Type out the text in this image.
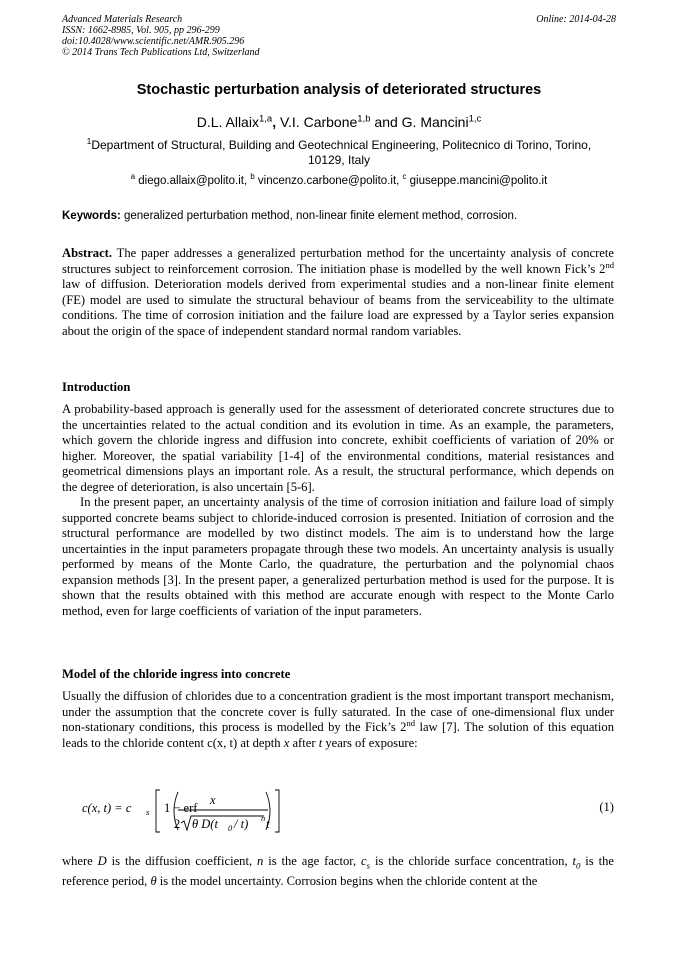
Advanced Materials Research
ISSN: 1662-8985, Vol. 905, pp 296-299
doi:10.4028/www.scientific.net/AMR.905.296
© 2014 Trans Tech Publications Ltd, Switzerland
Online: 2014-04-28
Stochastic perturbation analysis of deteriorated structures
D.L. Allaix$^{1,a}$, V.I. Carbone$^{1,b}$ and G. Mancini$^{1,c}$
$^1$Department of Structural, Building and Geotechnical Engineering, Politecnico di Torino, Torino, 10129, Italy
$^a$ diego.allaix@polito.it, $^b$ vincenzo.carbone@polito.it, $^c$ giuseppe.mancini@polito.it
Keywords: generalized perturbation method, non-linear finite element method, corrosion.
Abstract. The paper addresses a generalized perturbation method for the uncertainty analysis of concrete structures subject to reinforcement corrosion. The initiation phase is modelled by the well known Fick’s 2nd law of diffusion. Deterioration models derived from experimental studies and a non-linear finite element (FE) model are used to simulate the structural behaviour of beams from the serviceability to the ultimate conditions. The time of corrosion initiation and the failure load are expressed by a Taylor series expansion about the origin of the space of independent standard normal random variables.
Introduction

A probability-based approach is generally used for the assessment of deteriorated concrete structures due to the uncertainties related to the actual condition and its evolution in time. As an example, the parameters, which govern the chloride ingress and diffusion into concrete, exhibit coefficients of variation of 20% or higher. Moreover, the spatial variability [1-4] of the environmental conditions, material resistances and geometrical dimensions plays an important role. As a result, the structural performance, which depends on the degree of deterioration, is also uncertain [5-6].

In the present paper, an uncertainty analysis of the time of corrosion initiation and failure load of simply supported concrete beams subject to chloride-induced corrosion is presented. Initiation of corrosion and the structural performance are modelled by two distinct models. The aim is to understand how the large uncertainties in the input parameters propagate through these two models. An uncertainty analysis is usually performed by means of the Monte Carlo, the quadrature, the perturbation and the polynomial chaos expansion methods [3]. In the present paper, a generalized perturbation method is used for the purpose. It is shown that the results obtained with this method are accurate enough with respect to the Monte Carlo method, even for large coefficients of variation of the input parameters.

Model of the chloride ingress into concrete
Usually the diffusion of chlorides due to a concentration gradient is the most important transport mechanism, under the assumption that the concrete cover is fully saturated. In the case of one-dimensional flux under non-stationary conditions, this process is modelled by the Fick’s 2nd law [7]. The solution of this equation leads to the chloride content c(x, t) at depth x after t years of exposure:
c(x, t) = c s 1 − erf
x
2 θ D(t 0 / t) n t
(1)
where D is the diffusion coefficient, n is the age factor, $c_s$ is the chloride surface concentration, $t_0$ is the reference period, θ is the model uncertainty. Corrosion begins when the chloride content at the
